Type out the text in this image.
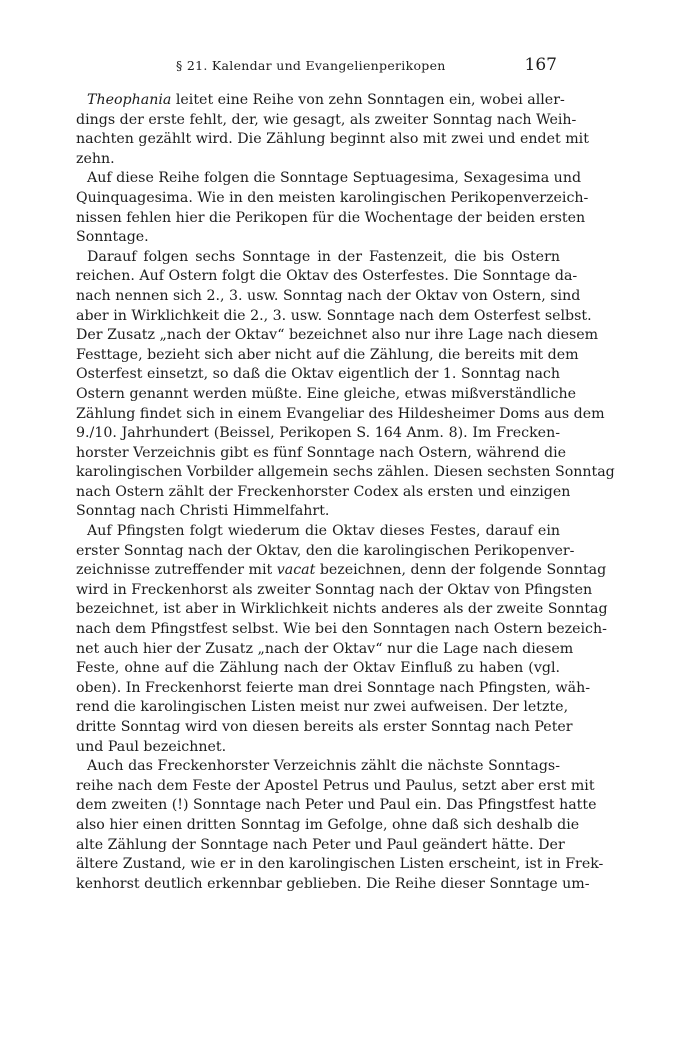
§ 21. Kalendar und Evangelienperikopen	167
Theophania leitet eine Reihe von zehn Sonntagen ein, wobei aller-
dings der erste fehlt, der, wie gesagt, als zweiter Sonntag nach Weih-
nachten gezählt wird. Die Zählung beginnt also mit zwei und endet mit
zehn.
Auf diese Reihe folgen die Sonntage Septuagesima, Sexagesima und
Quinquagesima. Wie in den meisten karolingischen Perikopenverzeich-
nissen fehlen hier die Perikopen für die Wochentage der beiden ersten
Sonntage.
Darauf folgen sechs Sonntage in der Fastenzeit, die bis Ostern
reichen. Auf Ostern folgt die Oktav des Osterfestes. Die Sonntage da-
nach nennen sich 2., 3. usw. Sonntag nach der Oktav von Ostern, sind
aber in Wirklichkeit die 2., 3. usw. Sonntage nach dem Osterfest selbst.
Der Zusatz „nach der Oktav“ bezeichnet also nur ihre Lage nach diesem
Festtage, bezieht sich aber nicht auf die Zählung, die bereits mit dem
Osterfest einsetzt, so daß die Oktav eigentlich der 1. Sonntag nach
Ostern genannt werden müßte. Eine gleiche, etwas mißverständliche
Zählung findet sich in einem Evangeliar des Hildesheimer Doms aus dem
9./10. Jahrhundert (Beissel, Perikopen S. 164 Anm. 8). Im Frecken-
horster Verzeichnis gibt es fünf Sonntage nach Ostern, während die
karolingischen Vorbilder allgemein sechs zählen. Diesen sechsten Sonntag
nach Ostern zählt der Freckenhorster Codex als ersten und einzigen
Sonntag nach Christi Himmelfahrt.
Auf Pfingsten folgt wiederum die Oktav dieses Festes, darauf ein
erster Sonntag nach der Oktav, den die karolingischen Perikopenver-
zeichnisse zutreffender mit vacat bezeichnen, denn der folgende Sonntag
wird in Freckenhorst als zweiter Sonntag nach der Oktav von Pfingsten
bezeichnet, ist aber in Wirklichkeit nichts anderes als der zweite Sonntag
nach dem Pfingstfest selbst. Wie bei den Sonntagen nach Ostern bezeich-
net auch hier der Zusatz „nach der Oktav“ nur die Lage nach diesem
Feste, ohne auf die Zählung nach der Oktav Einfluß zu haben (vgl.
oben). In Freckenhorst feierte man drei Sonntage nach Pfingsten, wäh-
rend die karolingischen Listen meist nur zwei aufweisen. Der letzte,
dritte Sonntag wird von diesen bereits als erster Sonntag nach Peter
und Paul bezeichnet.
Auch das Freckenhorster Verzeichnis zählt die nächste Sonntags-
reihe nach dem Feste der Apostel Petrus und Paulus, setzt aber erst mit
dem zweiten (!) Sonntage nach Peter und Paul ein. Das Pfingstfest hatte
also hier einen dritten Sonntag im Gefolge, ohne daß sich deshalb die
alte Zählung der Sonntage nach Peter und Paul geändert hätte. Der
ältere Zustand, wie er in den karolingischen Listen erscheint, ist in Frek-
kenhorst deutlich erkennbar geblieben. Die Reihe dieser Sonntage um-
